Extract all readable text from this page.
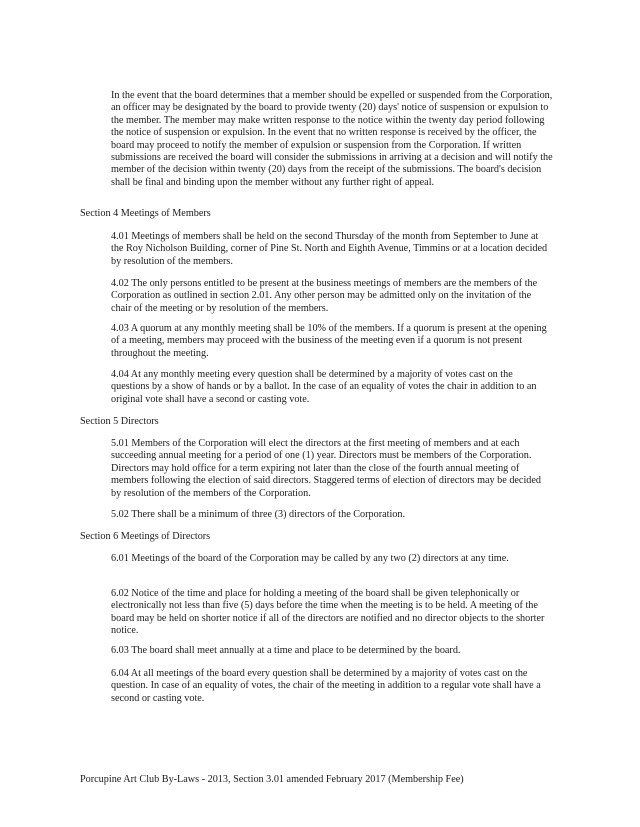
In the event that the board determines that a member should be expelled or suspended from the Corporation, an officer may be designated by the board to provide twenty (20) days' notice of suspension or expulsion to the member. The member may make written response to the notice within the twenty day period following the notice of suspension or expulsion. In the event that no written response is received by the officer, the board may proceed to notify the member of expulsion or suspension from the Corporation. If written submissions are received the board will consider the submissions in arriving at a decision and will notify the member of the decision within twenty (20) days from the receipt of the submissions. The board's decision shall be final and binding upon the member without any further right of appeal.

Section 4 Meetings of Members

4.01 Meetings of members shall be held on the second Thursday of the month from September to June at the Roy Nicholson Building, corner of Pine St. North and Eighth Avenue, Timmins or at a location decided by resolution of the members.

4.02 The only persons entitled to be present at the business meetings of members are the members of the Corporation as outlined in section 2.01. Any other person may be admitted only on the invitation of the chair of the meeting or by resolution of the members.

4.03 A quorum at any monthly meeting shall be 10% of the members. If a quorum is present at the opening of a meeting, members may proceed with the business of the meeting even if a quorum is not present throughout the meeting.

4.04 At any monthly meeting every question shall be determined by a majority of votes cast on the questions by a show of hands or by a ballot. In the case of an equality of votes the chair in addition to an original vote shall have a second or casting vote.

Section 5 Directors

5.01 Members of the Corporation will elect the directors at the first meeting of members and at each succeeding annual meeting for a period of one (1) year. Directors must be members of the Corporation. Directors may hold office for a term expiring not later than the close of the fourth annual meeting of members following the election of said directors. Staggered terms of election of directors may be decided by resolution of the members of the Corporation.

5.02 There shall be a minimum of three (3) directors of the Corporation.

Section 6 Meetings of Directors

6.01 Meetings of the board of the Corporation may be called by any two (2) directors at any time.

6.02 Notice of the time and place for holding a meeting of the board shall be given telephonically or electronically not less than five (5) days before the time when the meeting is to be held. A meeting of the board may be held on shorter notice if all of the directors are notified and no director objects to the shorter notice.

6.03 The board shall meet annually at a time and place to be determined by the board.

6.04 At all meetings of the board every question shall be determined by a majority of votes cast on the question. In case of an equality of votes, the chair of the meeting in addition to a regular vote shall have a second or casting vote.

Porcupine Art Club By-Laws - 2013, Section 3.01 amended February 2017 (Membership Fee)
